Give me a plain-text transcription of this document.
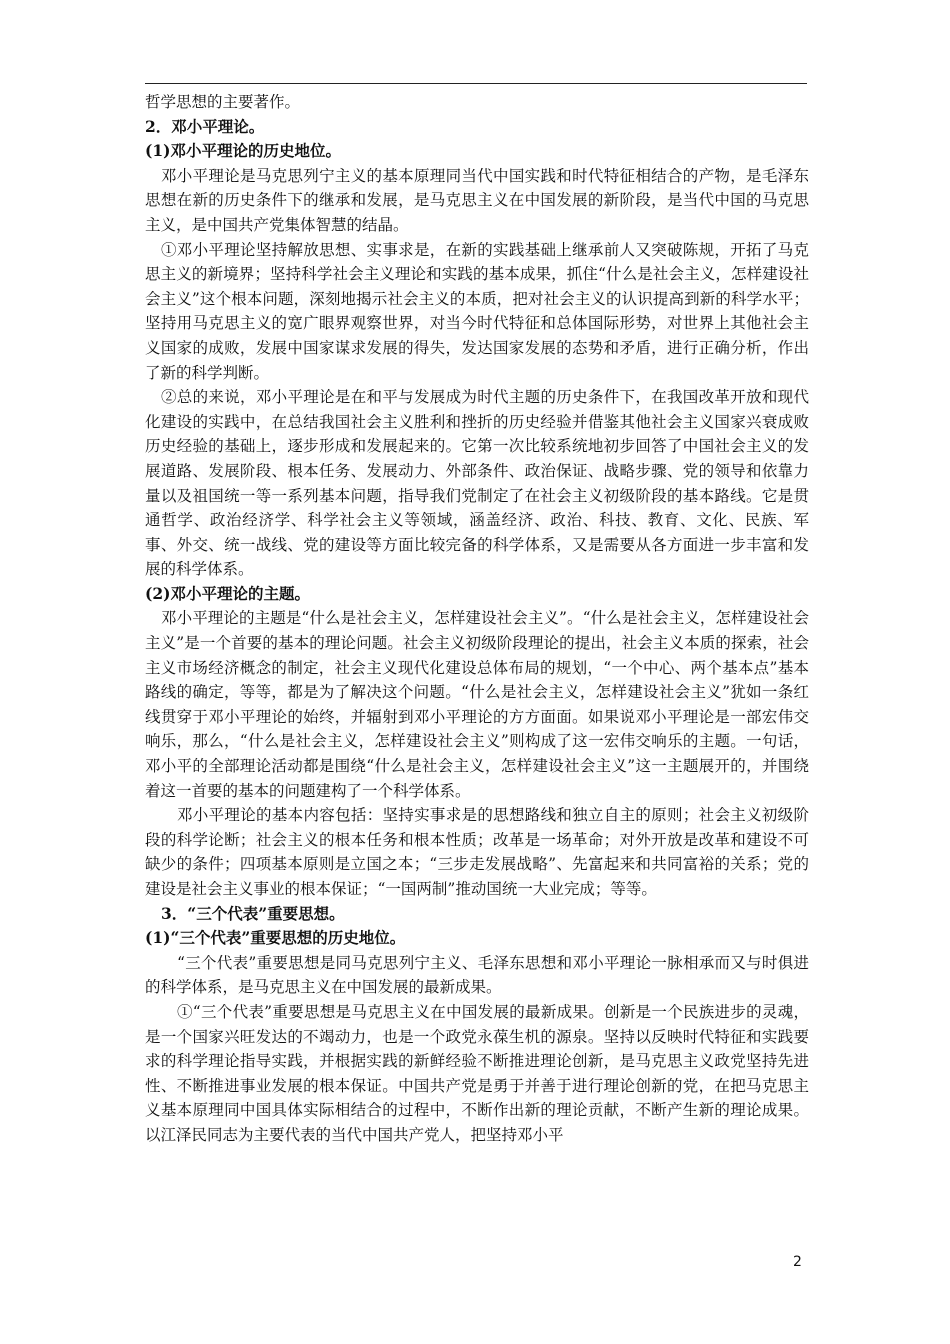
哲学思想的主要著作。

2．邓小平理论。

(1)邓小平理论的历史地位。

邓小平理论是马克思列宁主义的基本原理同当代中国实践和时代特征相结合的产物，是毛泽东思想在新的历史条件下的继承和发展，是马克思主义在中国发展的新阶段，是当代中国的马克思主义，是中国共产党集体智慧的结晶。

①邓小平理论坚持解放思想、实事求是，在新的实践基础上继承前人又突破陈规，开拓了马克思主义的新境界；坚持科学社会主义理论和实践的基本成果，抓住“什么是社会主义，怎样建设社会主义”这个根本问题，深刻地揭示社会主义的本质，把对社会主义的认识提高到新的科学水平；坚持用马克思主义的宽广眼界观察世界，对当今时代特征和总体国际形势，对世界上其他社会主义国家的成败，发展中国家谋求发展的得失，发达国家发展的态势和矛盾，进行正确分析，作出了新的科学判断。

②总的来说，邓小平理论是在和平与发展成为时代主题的历史条件下，在我国改革开放和现代化建设的实践中，在总结我国社会主义胜利和挫折的历史经验并借鉴其他社会主义国家兴衰成败历史经验的基础上，逐步形成和发展起来的。它第一次比较系统地初步回答了中国社会主义的发展道路、发展阶段、根本任务、发展动力、外部条件、政治保证、战略步骤、党的领导和依靠力量以及祖国统一等一系列基本问题，指导我们党制定了在社会主义初级阶段的基本路线。它是贯通哲学、政治经济学、科学社会主义等领域，涵盖经济、政治、科技、教育、文化、民族、军事、外交、统一战线、党的建设等方面比较完备的科学体系，又是需要从各方面进一步丰富和发展的科学体系。

(2)邓小平理论的主题。

邓小平理论的主题是“什么是社会主义，怎样建设社会主义”。“什么是社会主义，怎样建设社会主义”是一个首要的基本的理论问题。社会主义初级阶段理论的提出，社会主义本质的探索，社会主义市场经济概念的制定，社会主义现代化建设总体布局的规划，“一个中心、两个基本点”基本路线的确定，等等，都是为了解决这个问题。“什么是社会主义，怎样建设社会主义”犹如一条红线贯穿于邓小平理论的始终，并辐射到邓小平理论的方方面面。如果说邓小平理论是一部宏伟交响乐，那么，“什么是社会主义，怎样建设社会主义”则构成了这一宏伟交响乐的主题。一句话，邓小平的全部理论活动都是围绕“什么是社会主义，怎样建设社会主义”这一主题展开的，并围绕着这一首要的基本的问题建构了一个科学体系。

邓小平理论的基本内容包括：坚持实事求是的思想路线和独立自主的原则；社会主义初级阶段的科学论断；社会主义的根本任务和根本性质；改革是一场革命；对外开放是改革和建设不可缺少的条件；四项基本原则是立国之本；“三步走发展战略”、先富起来和共同富裕的关系；党的建设是社会主义事业的根本保证；“一国两制”推动国统一大业完成；等等。

3．“三个代表”重要思想。

(1)“三个代表”重要思想的历史地位。

“三个代表”重要思想是同马克思列宁主义、毛泽东思想和邓小平理论一脉相承而又与时俱进的科学体系，是马克思主义在中国发展的最新成果。

①“三个代表”重要思想是马克思主义在中国发展的最新成果。创新是一个民族进步的灵魂，是一个国家兴旺发达的不竭动力，也是一个政党永葆生机的源泉。坚持以反映时代特征和实践要求的科学理论指导实践，并根据实践的新鲜经验不断推进理论创新，是马克思主义政党坚持先进性、不断推进事业发展的根本保证。中国共产党是勇于并善于进行理论创新的党，在把马克思主义基本原理同中国具体实际相结合的过程中，不断作出新的理论贡献，不断产生新的理论成果。以江泽民同志为主要代表的当代中国共产党人，把坚持邓小平

2
